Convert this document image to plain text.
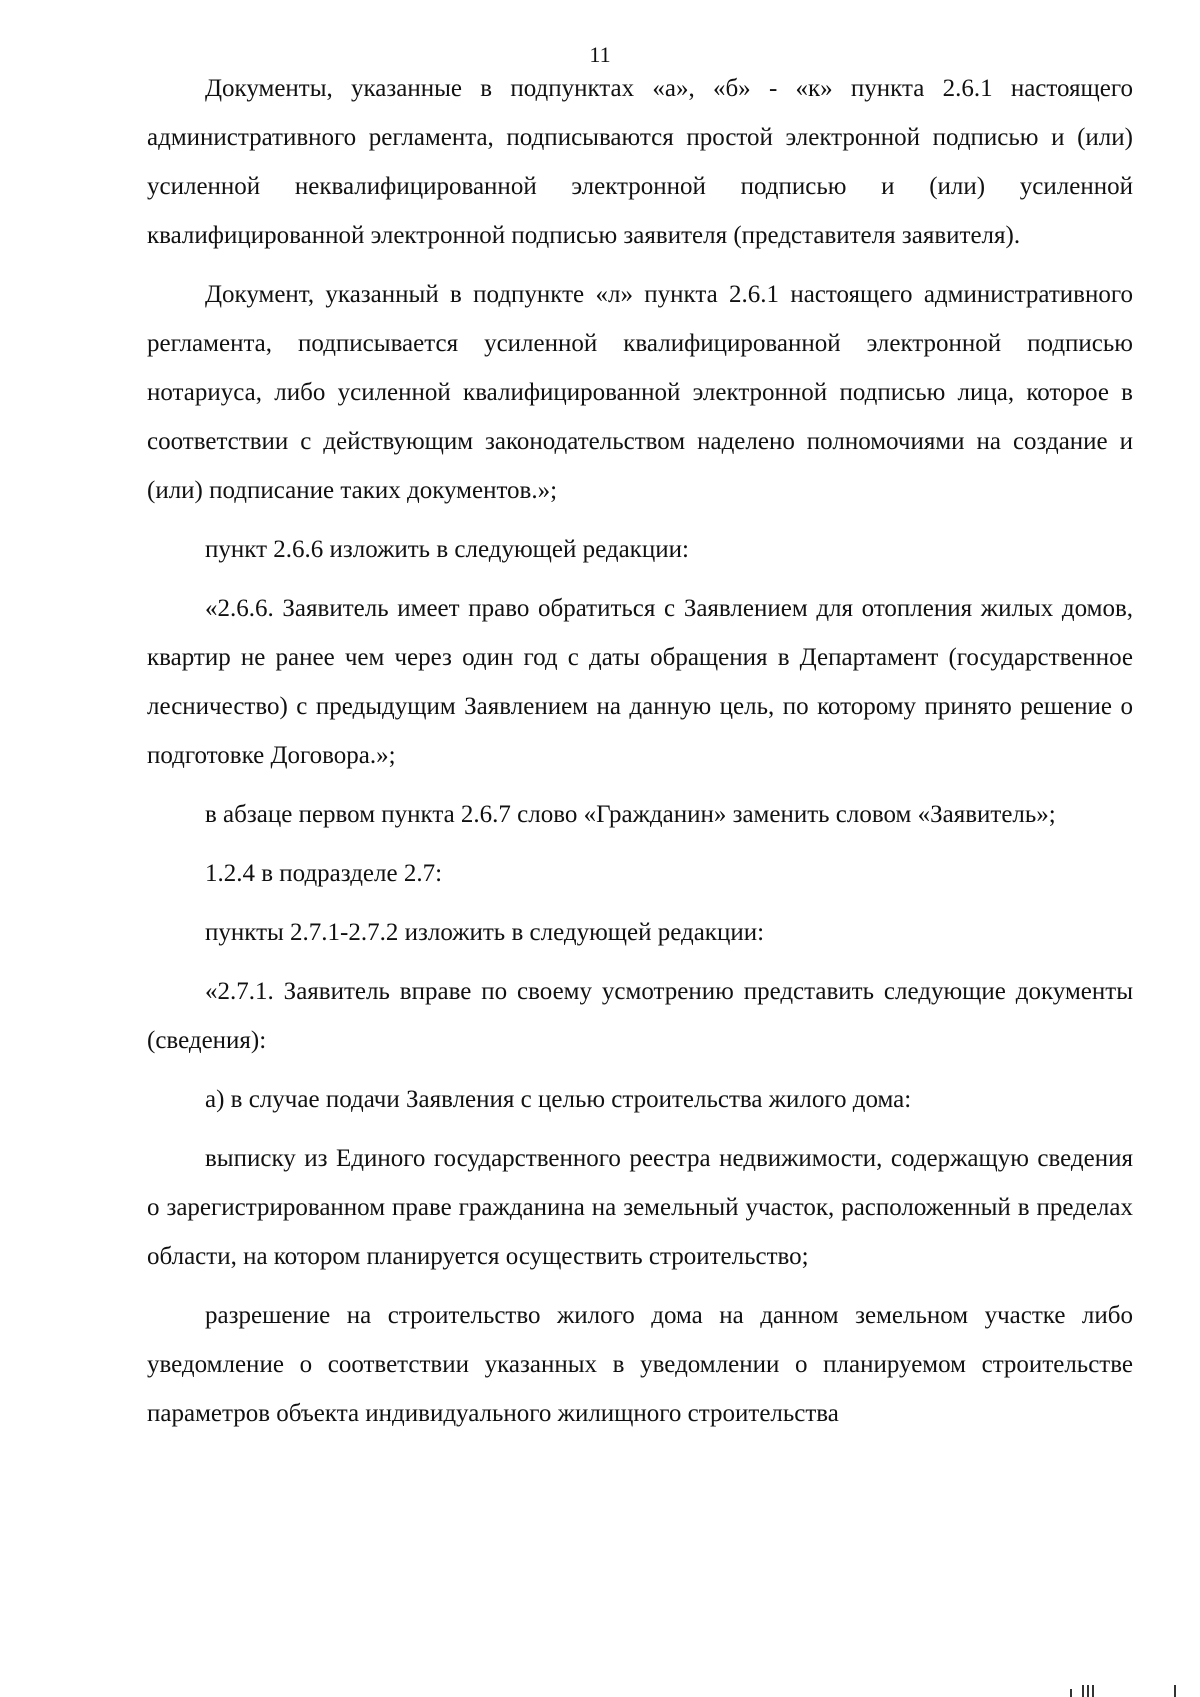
11

Документы, указанные в подпунктах «а», «б» - «к» пункта 2.6.1 настоящего административного регламента, подписываются простой электронной подписью и (или) усиленной неквалифицированной электронной подписью и (или) усиленной квалифицированной электронной подписью заявителя (представителя заявителя).

Документ, указанный в подпункте «л» пункта 2.6.1 настоящего административного регламента, подписывается усиленной квалифицированной электронной подписью нотариуса, либо усиленной квалифицированной электронной подписью лица, которое в соответствии с действующим законодательством наделено полномочиями на создание и (или) подписание таких документов.»;

пункт 2.6.6 изложить в следующей редакции:

«2.6.6. Заявитель имеет право обратиться с Заявлением для отопления жилых домов, квартир не ранее чем через один год с даты обращения в Департамент (государственное лесничество) с предыдущим Заявлением на данную цель, по которому принято решение о подготовке Договора.»;

в абзаце первом пункта 2.6.7 слово «Гражданин» заменить словом «Заявитель»;

1.2.4 в подразделе 2.7:

пункты 2.7.1-2.7.2 изложить в следующей редакции:

«2.7.1. Заявитель вправе по своему усмотрению представить следующие документы (сведения):

а) в случае подачи Заявления с целью строительства жилого дома:

выписку из Единого государственного реестра недвижимости, содержащую сведения о зарегистрированном праве гражданина на земельный участок, расположенный в пределах области, на котором планируется осуществить строительство;

разрешение на строительство жилого дома на данном земельном участке либо уведомление о соответствии указанных в уведомлении о планируемом строительстве параметров объекта индивидуального жилищного строительства
